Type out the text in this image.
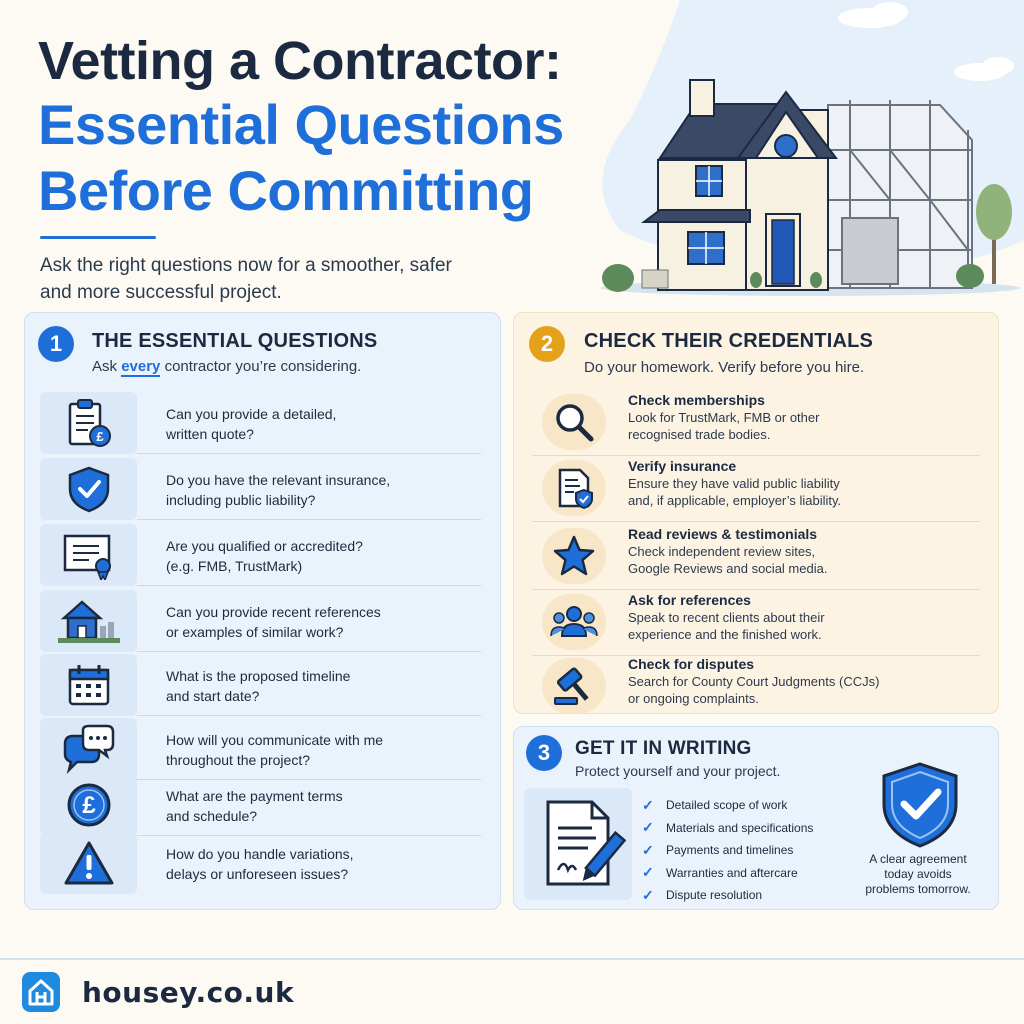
Vetting a Contractor:
Essential Questions
Before Committing
Ask the right questions now for a smoother, safer and more successful project.
1	THE ESSENTIAL QUESTIONS
Ask every contractor you’re considering.
£
Can you provide a detailed,
written quote?
Do you have the relevant insurance,
including public liability?
Are you qualified or accredited?
(e.g. FMB, TrustMark)
Can you provide recent references
or examples of similar work?
What is the proposed timeline
and start date?
How will you communicate with me
throughout the project?
£	What are the payment terms
and schedule?
How do you handle variations,
delays or unforeseen issues?
2	CHECK THEIR CREDENTIALS
Do your homework. Verify before you hire.
Check memberships
Look for TrustMark, FMB or other
recognised trade bodies.
Verify insurance
Ensure they have valid public liability
and, if applicable, employer’s liability.
Read reviews & testimonials
Check independent review sites,
Google Reviews and social media.
Ask for references
Speak to recent clients about their
experience and the finished work.
Check for disputes
Search for County Court Judgments (CCJs)
or ongoing complaints.
3	GET IT IN WRITING
Protect yourself and your project.
✓	Detailed scope of work
✓	Materials and specifications
✓	Payments and timelines
✓	Warranties and aftercare
✓	Dispute resolution
A clear agreement
today avoids
problems tomorrow.
housey.co.uk
